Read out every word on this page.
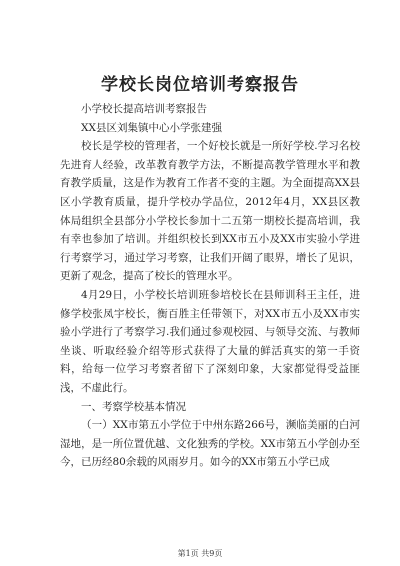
学校长岗位培训考察报告

小学校长提高培训考察报告

XX县区刘集镇中心小学张建强

校长是学校的管理者，一个好校长就是一所好学校.学习名校先进育人经验，改革教育教学方法，不断提高教学管理水平和教育教学质量，这是作为教育工作者不变的主题。为全面提高XX县区小学教育质量，提升学校办学品位，2012年4月，XX县区教体局组织全县部分小学校长参加十二五第一期校长提高培训，我有幸也参加了培训。并组织校长到XX市五小及XX市实验小学进行考察学习，通过学习考察，让我们开阔了眼界，增长了见识，更新了观念，提高了校长的管理水平。

4月29日，小学校长培训班参培校长在县师训科王主任，进修学校张凤宇校长，衡百胜主任带领下，对XX市五小及XX市实验小学进行了考察学习.我们通过参观校园、与领导交流、与教师坐谈、听取经验介绍等形式获得了大量的鲜活真实的第一手资料，给每一位学习考察者留下了深刻印象，大家都觉得受益匪浅，不虚此行。

一、考察学校基本情况

（一）XX市第五小学位于中州东路266号，濒临美丽的白河湿地，是一所位置优越、文化独秀的学校。XX市第五小学创办至今，已历经80余载的风雨岁月。如今的XX市第五小学已成

第1页 共9页
